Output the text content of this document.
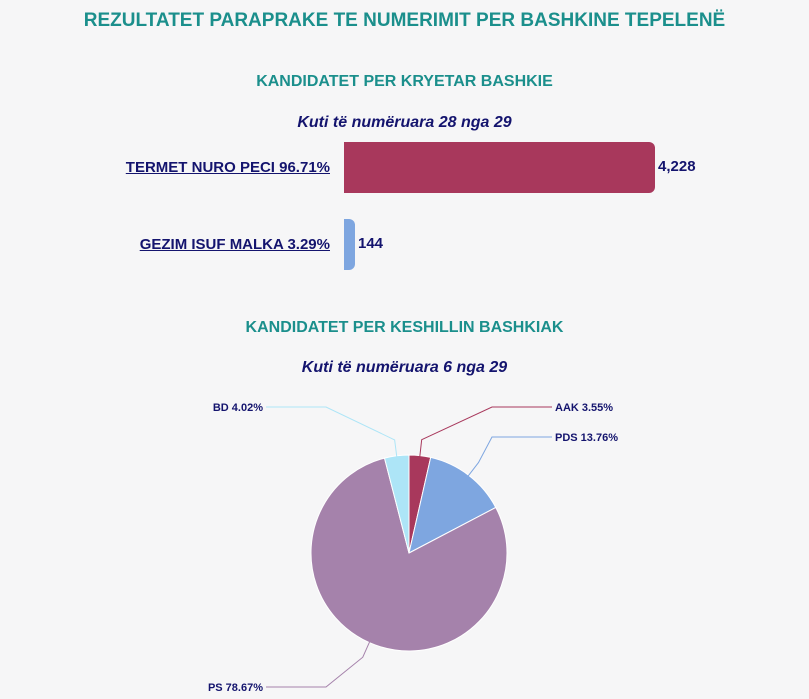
REZULTATET PARAPRAKE TE NUMERIMIT PER BASHKINE TEPELENË
KANDIDATET PER KRYETAR BASHKIE
Kuti të numëruara 28 nga 29
TERMET NURO PECI 96.71%	4,228
GEZIM ISUF MALKA 3.29% 144
KANDIDATET PER KESHILLIN BASHKIAK
Kuti të numëruara 6 nga 29
AAK 3.55%
PDS 13.76%
PS 78.67%
BD 4.02%
